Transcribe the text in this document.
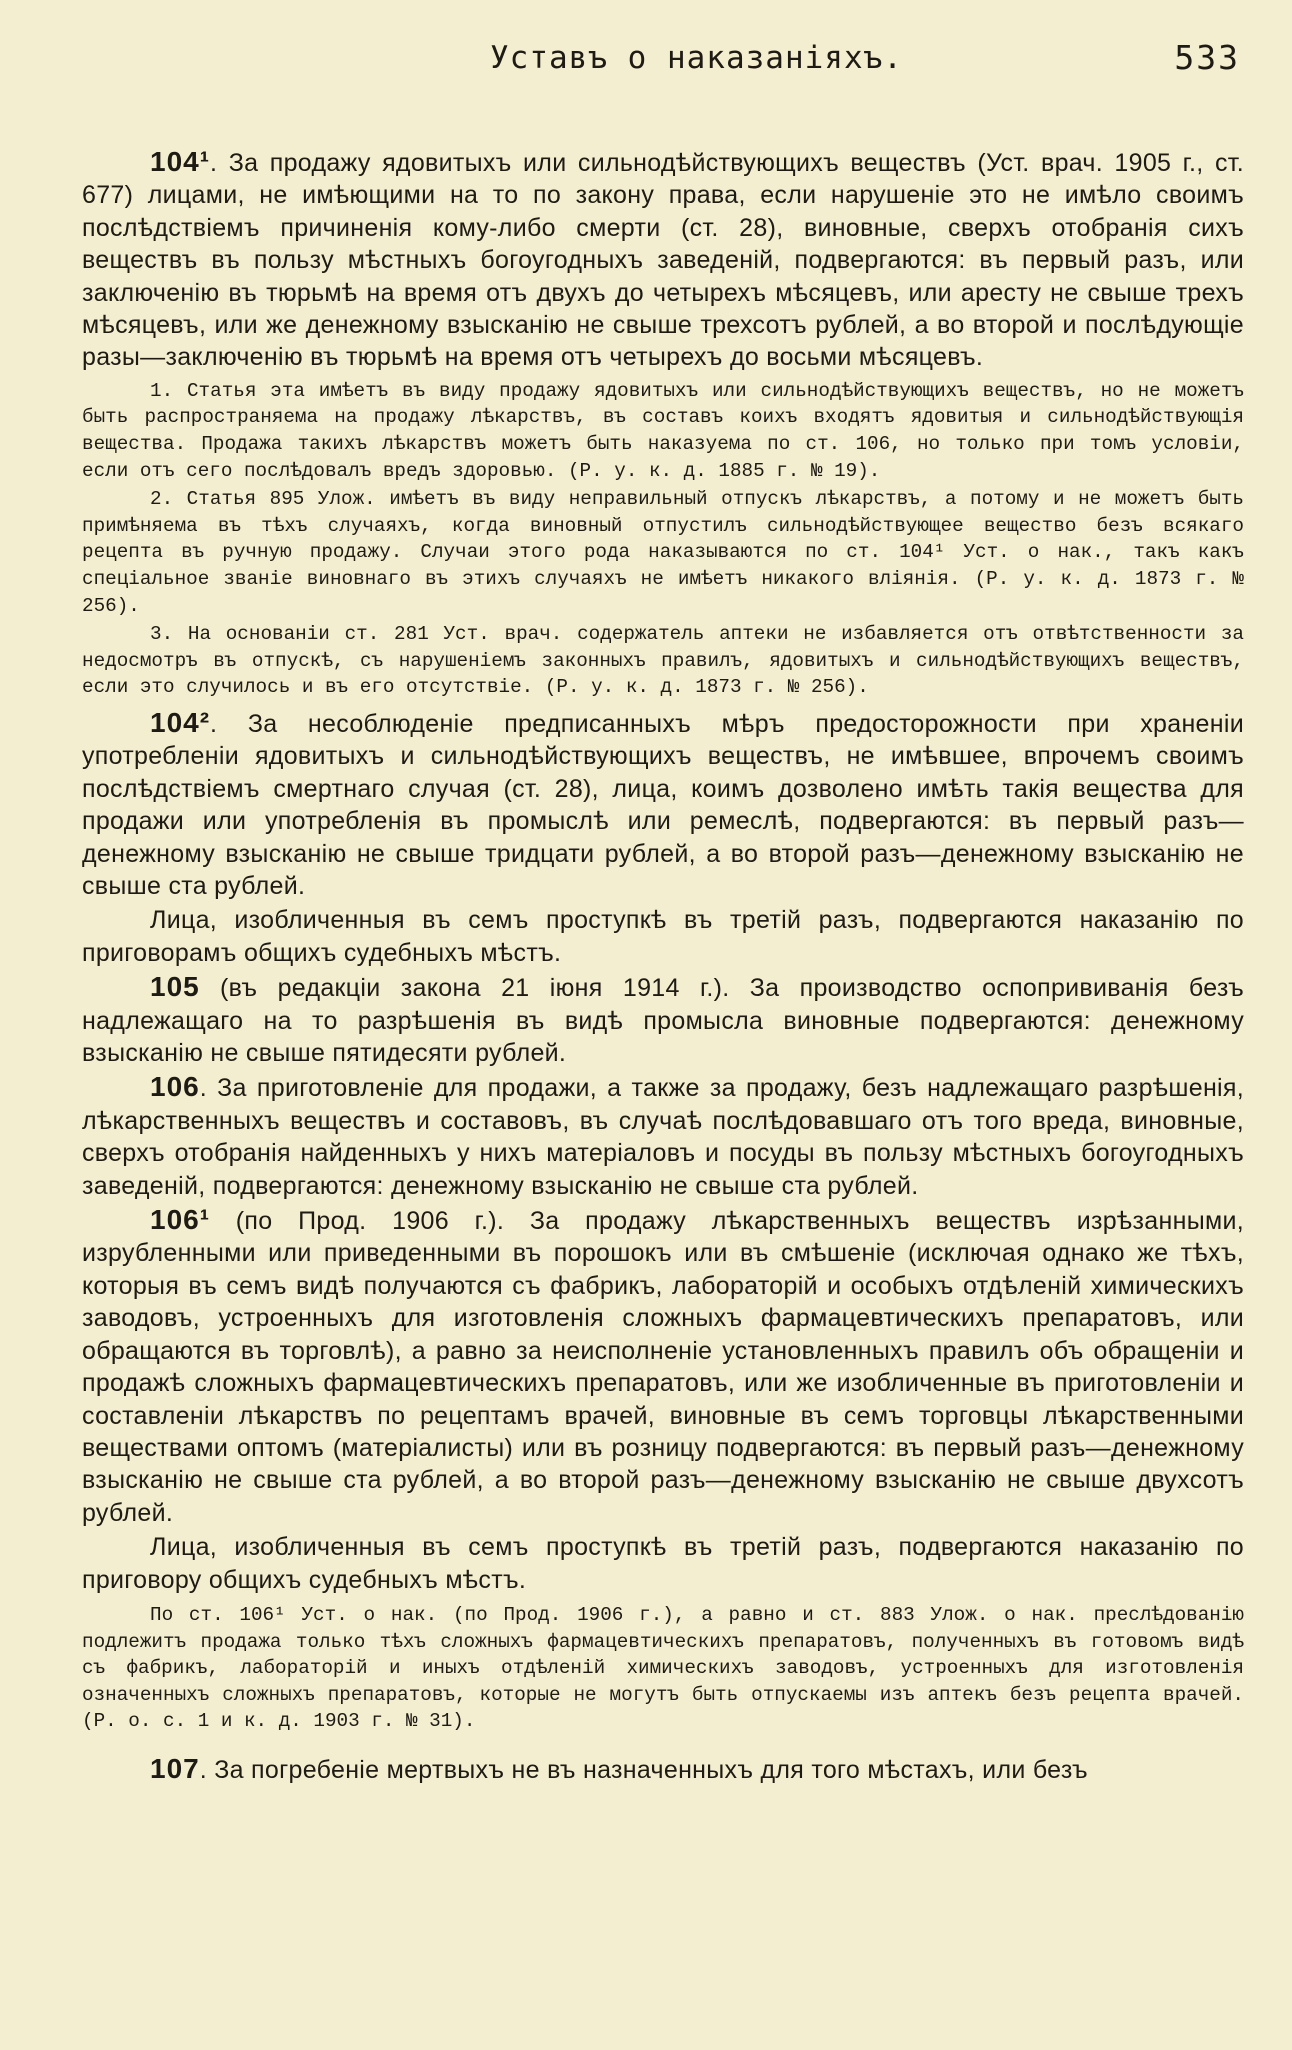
Уставъ о наказаніяхъ.	533

104¹. За продажу ядовитыхъ или сильнодѣйствующихъ веществъ (Уст. врач. 1905 г., ст. 677) лицами, не имѣющими на то по закону права, если нарушеніе это не имѣло своимъ послѣдствіемъ причиненія кому-либо смерти (ст. 28), виновные, сверхъ отобранія сихъ веществъ въ пользу мѣстныхъ богоугодныхъ заведеній, подвергаются: въ первый разъ, или заключенію въ тюрьмѣ на время отъ двухъ до четырехъ мѣсяцевъ, или аресту не свыше трехъ мѣсяцевъ, или же денежному взысканію не свыше трехсотъ рублей, а во второй и послѣдующіе разы—заключенію въ тюрьмѣ на время отъ четырехъ до восьми мѣсяцевъ.

1. Статья эта имѣетъ въ виду продажу ядовитыхъ или сильнодѣйствующихъ веществъ, но не можетъ быть распространяема на продажу лѣкарствъ, въ составъ коихъ входятъ ядовитыя и сильнодѣйствующія вещества. Продажа такихъ лѣкарствъ можетъ быть наказуема по ст. 106, но только при томъ условіи, если отъ сего послѣдовалъ вредъ здоровью. (Р. у. к. д. 1885 г. № 19).

2. Статья 895 Улож. имѣетъ въ виду неправильный отпускъ лѣкарствъ, а потому и не можетъ быть примѣняема въ тѣхъ случаяхъ, когда виновный отпустилъ сильнодѣйствующее вещество безъ всякаго рецепта въ ручную продажу. Случаи этого рода наказываются по ст. 104¹ Уст. о нак., такъ какъ спеціальное званіе виновнаго въ этихъ случаяхъ не имѣетъ никакого вліянія. (Р. у. к. д. 1873 г. № 256).

3. На основаніи ст. 281 Уст. врач. содержатель аптеки не избавляется отъ отвѣтственности за недосмотръ въ отпускѣ, съ нарушеніемъ законныхъ правилъ, ядовитыхъ и сильнодѣйствующихъ веществъ, если это случилось и въ его отсутствіе. (Р. у. к. д. 1873 г. № 256).

104². За несоблюденіе предписанныхъ мѣръ предосторожности при храненіи употребленіи ядовитыхъ и сильнодѣйствующихъ веществъ, не имѣвшее, впрочемъ своимъ послѣдствіемъ смертнаго случая (ст. 28), лица, коимъ дозволено имѣть такія вещества для продажи или употребленія въ промыслѣ или ремеслѣ, подвергаются: въ первый разъ—денежному взысканію не свыше тридцати рублей, а во второй разъ—денежному взысканію не свыше ста рублей.

Лица, изобличенныя въ семъ проступкѣ въ третій разъ, подвергаются наказанію по приговорамъ общихъ судебныхъ мѣстъ.

105 (въ редакціи закона 21 іюня 1914 г.). За производство оспопрививанія безъ надлежащаго на то разрѣшенія въ видѣ промысла виновные подвергаются: денежному взысканію не свыше пятидесяти рублей.

106. За приготовленіе для продажи, а также за продажу, безъ надлежащаго разрѣшенія, лѣкарственныхъ веществъ и составовъ, въ случаѣ послѣдовавшаго отъ того вреда, виновные, сверхъ отобранія найденныхъ у нихъ матеріаловъ и посуды въ пользу мѣстныхъ богоугодныхъ заведеній, подвергаются: денежному взысканію не свыше ста рублей.

106¹ (по Прод. 1906 г.). За продажу лѣкарственныхъ веществъ изрѣзанными, изрубленными или приведенными въ порошокъ или въ смѣшеніе (исключая однако же тѣхъ, которыя въ семъ видѣ получаются съ фабрикъ, лабораторій и особыхъ отдѣленій химическихъ заводовъ, устроенныхъ для изготовленія сложныхъ фармацевтическихъ препаратовъ, или обращаются въ торговлѣ), а равно за неисполненіе установленныхъ правилъ объ обращеніи и продажѣ сложныхъ фармацевтическихъ препаратовъ, или же изобличенные въ приготовленіи и составленіи лѣкарствъ по рецептамъ врачей, виновные въ семъ торговцы лѣкарственными веществами оптомъ (матеріалисты) или въ розницу подвергаются: въ первый разъ—денежному взысканію не свыше ста рублей, а во второй разъ—денежному взысканію не свыше двухсотъ рублей.

Лица, изобличенныя въ семъ проступкѣ въ третій разъ, подвергаются наказанію по приговору общихъ судебныхъ мѣстъ.

По ст. 106¹ Уст. о нак. (по Прод. 1906 г.), а равно и ст. 883 Улож. о нак. преслѣдованію подлежитъ продажа только тѣхъ сложныхъ фармацевтическихъ препаратовъ, полученныхъ въ готовомъ видѣ съ фабрикъ, лабораторій и иныхъ отдѣленій химическихъ заводовъ, устроенныхъ для изготовленія означенныхъ сложныхъ препаратовъ, которые не могутъ быть отпускаемы изъ аптекъ безъ рецепта врачей. (Р. о. с. 1 и к. д. 1903 г. № 31).

107. За погребеніе мертвыхъ не въ назначенныхъ для того мѣстахъ, или безъ
